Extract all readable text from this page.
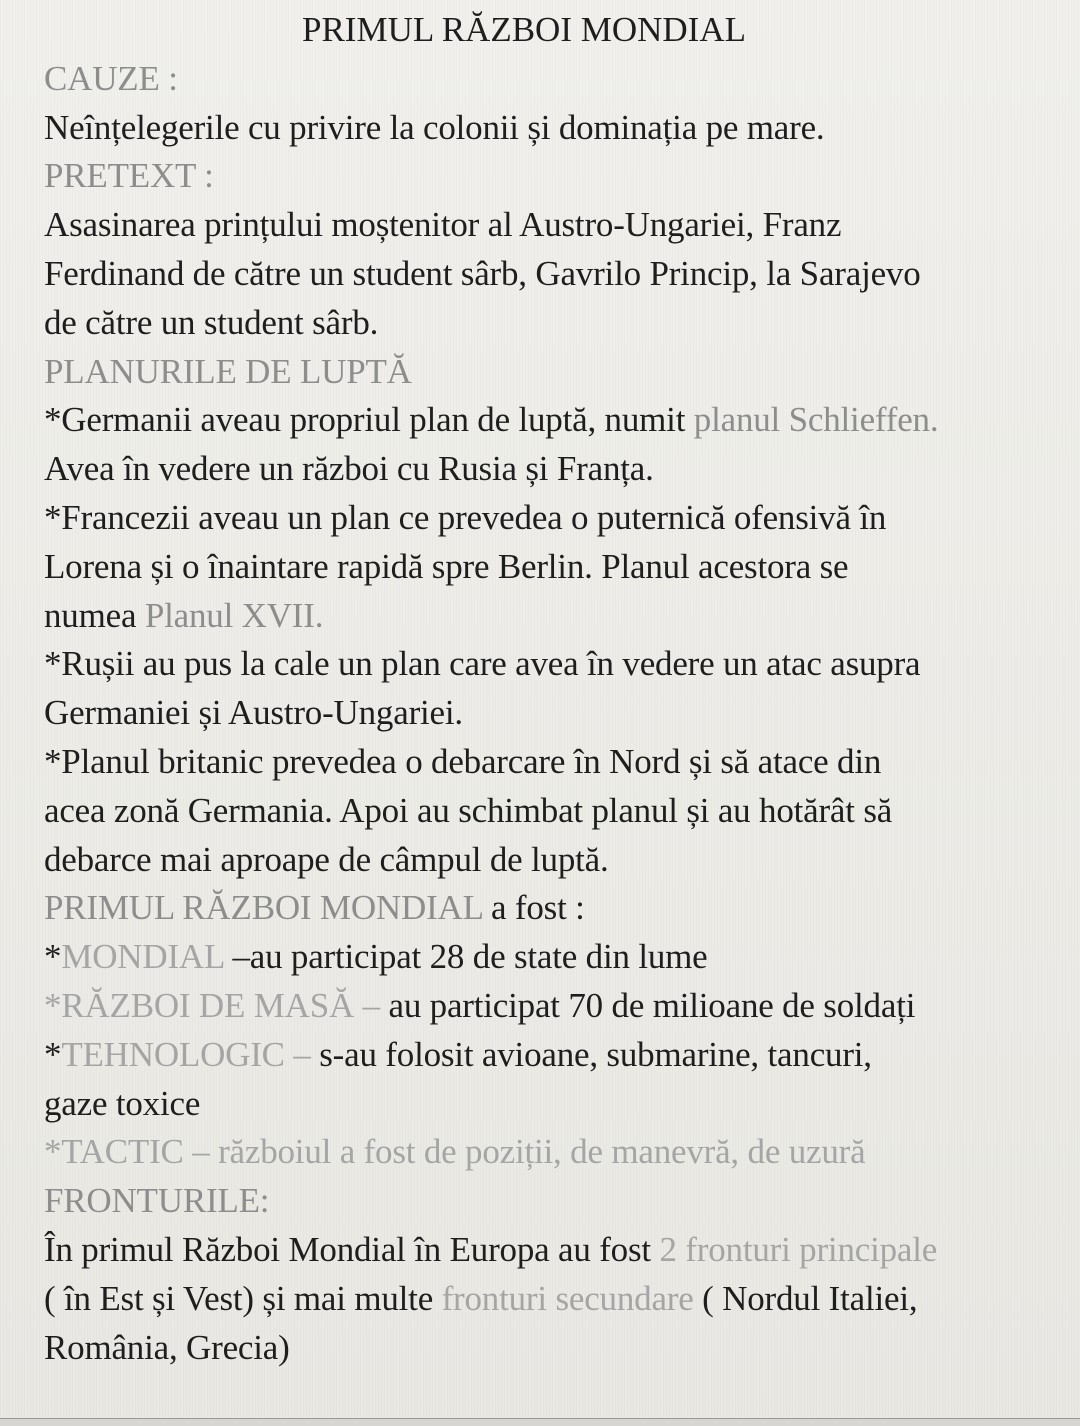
PRIMUL RĂZBOI MONDIAL
CAUZE :
Neînțelegerile cu privire la colonii și dominația pe mare.
PRETEXT :
Asasinarea prințului moștenitor al Austro-Ungariei, Franz
Ferdinand de către un student sârb, Gavrilo Princip, la Sarajevo
de către un student sârb.
PLANURILE DE LUPTĂ
*Germanii aveau propriul plan de luptă, numit planul Schlieffen.
Avea în vedere un război cu Rusia și Franța.
*Francezii aveau un plan ce prevedea o puternică ofensivă în
Lorena și o înaintare rapidă spre Berlin. Planul acestora se
numea Planul XVII.
*Rușii au pus la cale un plan care avea în vedere un atac asupra
Germaniei și Austro-Ungariei.
*Planul britanic prevedea o debarcare în Nord și să atace din
acea zonă Germania. Apoi au schimbat planul și au hotărât să
debarce mai aproape de câmpul de luptă.
PRIMUL RĂZBOI MONDIAL a fost :
*MONDIAL –au participat 28 de state din lume
*RĂZBOI DE MASĂ – au participat 70 de milioane de soldați
*TEHNOLOGIC – s-au folosit avioane, submarine, tancuri,
gaze toxice
*TACTIC – războiul a fost de poziții, de manevră, de uzură
FRONTURILE:
În primul Război Mondial în Europa au fost 2 fronturi principale
( în Est și Vest) și mai multe fronturi secundare ( Nordul Italiei,
România, Grecia)
